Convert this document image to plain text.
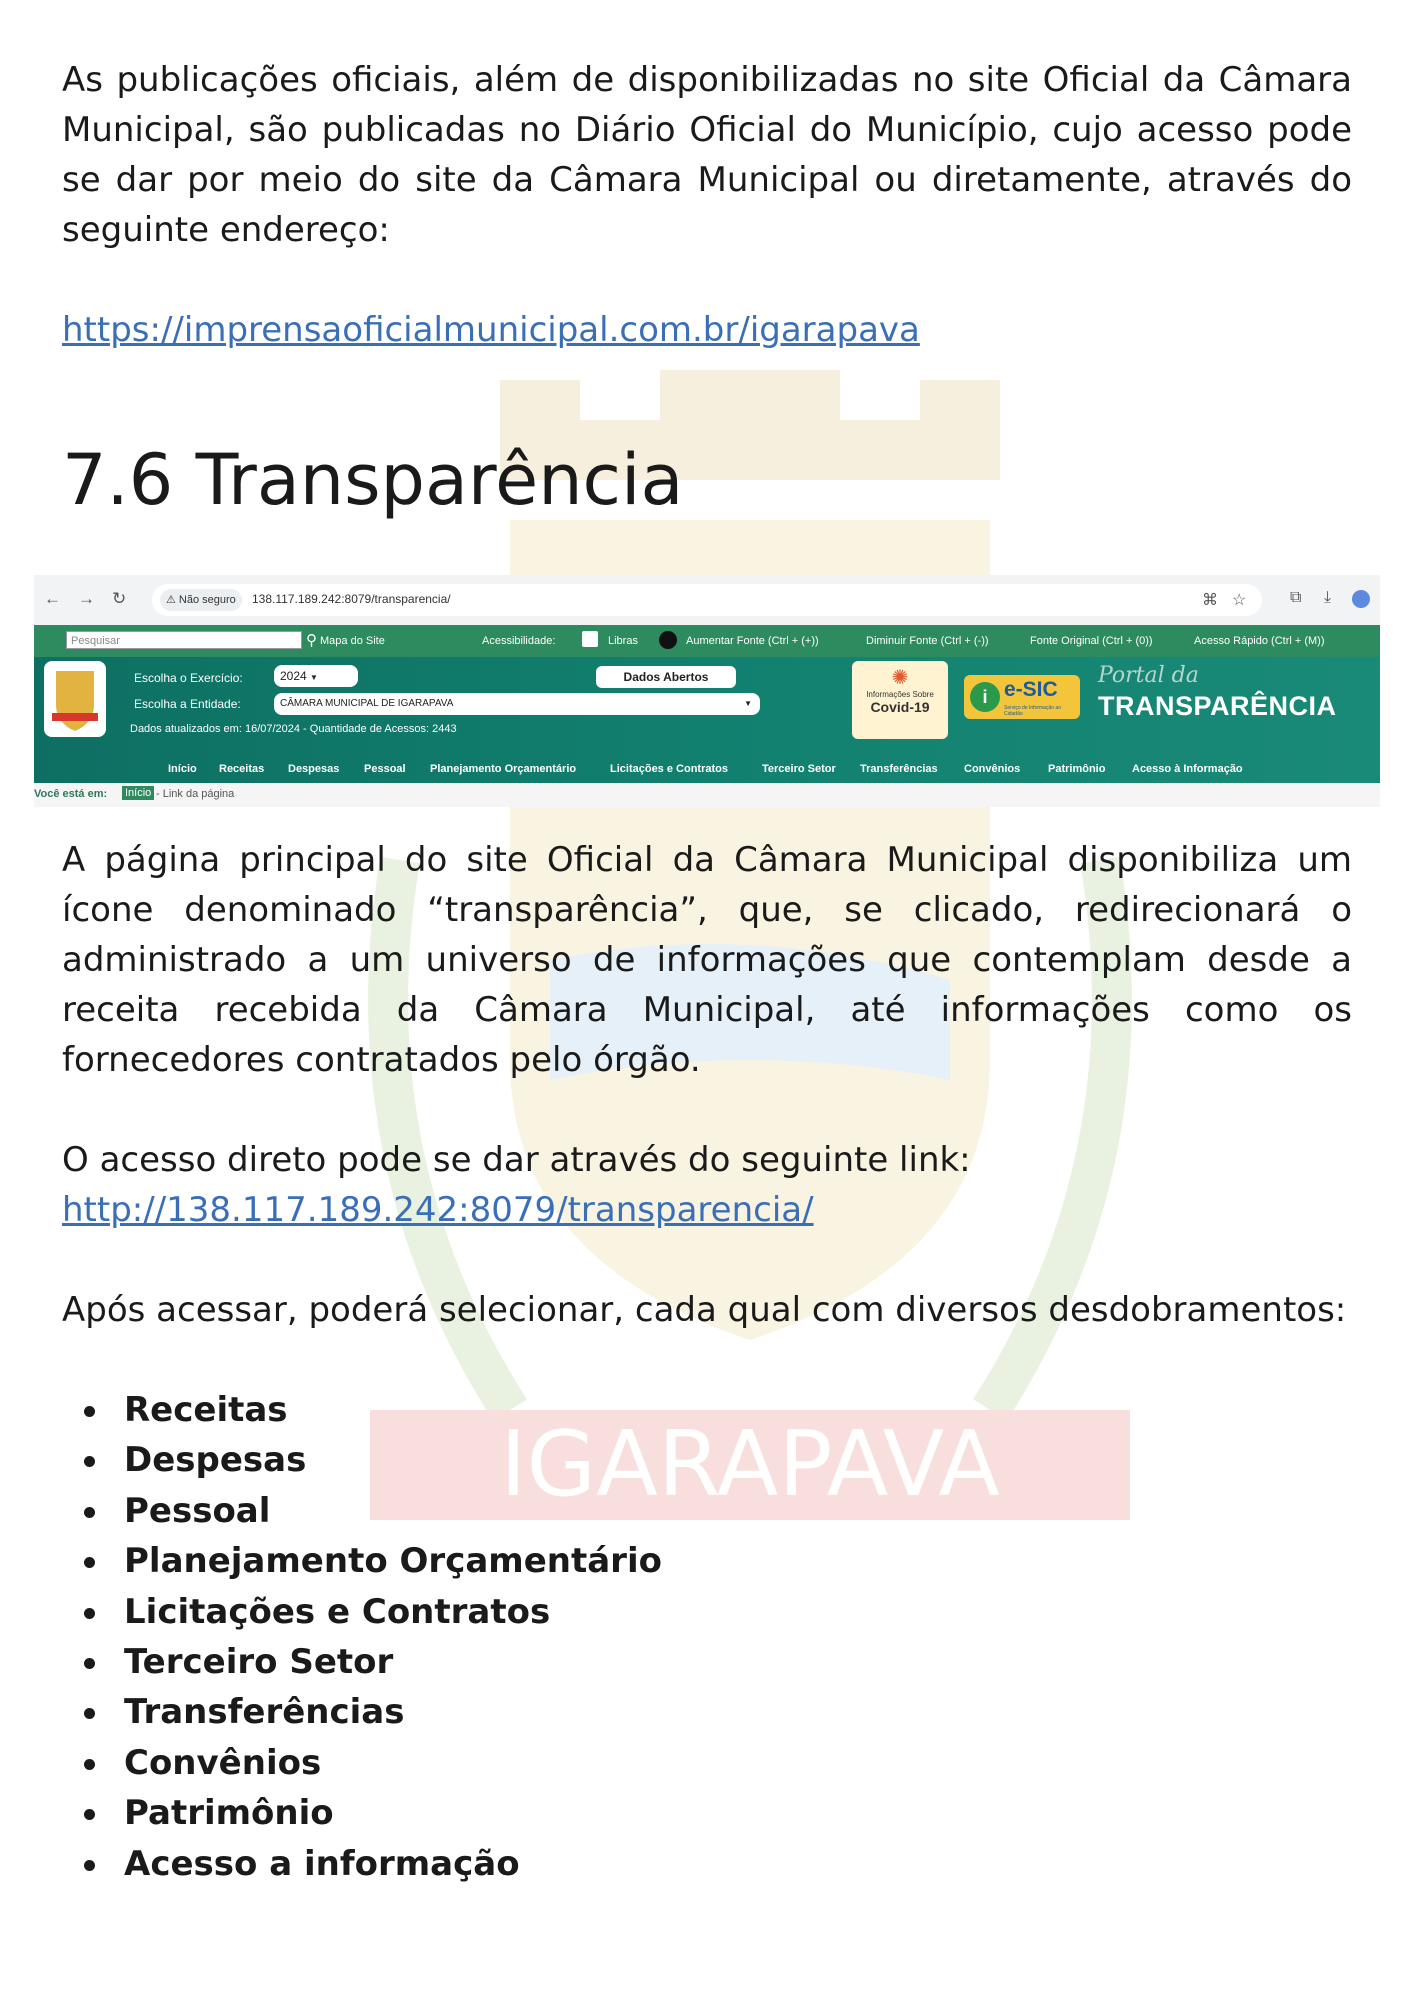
IGARAPAVA

As publicações oficiais, além de disponibilizadas no site Oficial da Câmara Municipal, são publicadas no Diário Oficial do Município, cujo acesso pode se dar por meio do site da Câmara Municipal ou diretamente, através do seguinte endereço:

https://imprensaoficialmunicipal.com.br/igarapava
7.6 Transparência
← → ↻	⚠ Não seguro	138.117.189.242:8079/transparencia/	⌘ ☆	⧉ ⤓
Pesquisar	⚲ Mapa do Site	Acessibilidade:	Libras	Aumentar Fonte (Ctrl + (+))	Diminuir Fonte (Ctrl + (-))	Fonte Original (Ctrl + (0))	Acesso Rápido (Ctrl + (M))
Escolha o Exercício:	2024 ▼
Escolha a Entidade:	CÂMARA MUNICIPAL DE IGARAPAVA	▼
Dados atualizados em: 16/07/2024 - Quantidade de Acessos: 2443
Dados Abertos	✺
Informações Sobre
Covid-19	i e-SIC
Serviço de Informação ao Cidadão
Portal da
TRANSPARÊNCIA
Início Receitas Despesas Pessoal Planejamento Orçamentário	Licitações e Contratos	Terceiro Setor Transferências Convênios	Patrimônio Acesso à Informação
Você está em: Início - Link da página

A página principal do site Oficial da Câmara Municipal disponibiliza um ícone denominado “transparência”, que, se clicado, redirecionará o administrado a um universo de informações que contemplam desde a receita recebida da Câmara Municipal, até informações como os fornecedores contratados pelo órgão.

O acesso direto pode se dar através do seguinte link:

http://138.117.189.242:8079/transparencia/

Após acessar, poderá selecionar, cada qual com diversos desdobramentos:

Receitas
Despesas
Pessoal
Planejamento Orçamentário
Licitações e Contratos
Terceiro Setor
Transferências
Convênios
Patrimônio
Acesso a informação
